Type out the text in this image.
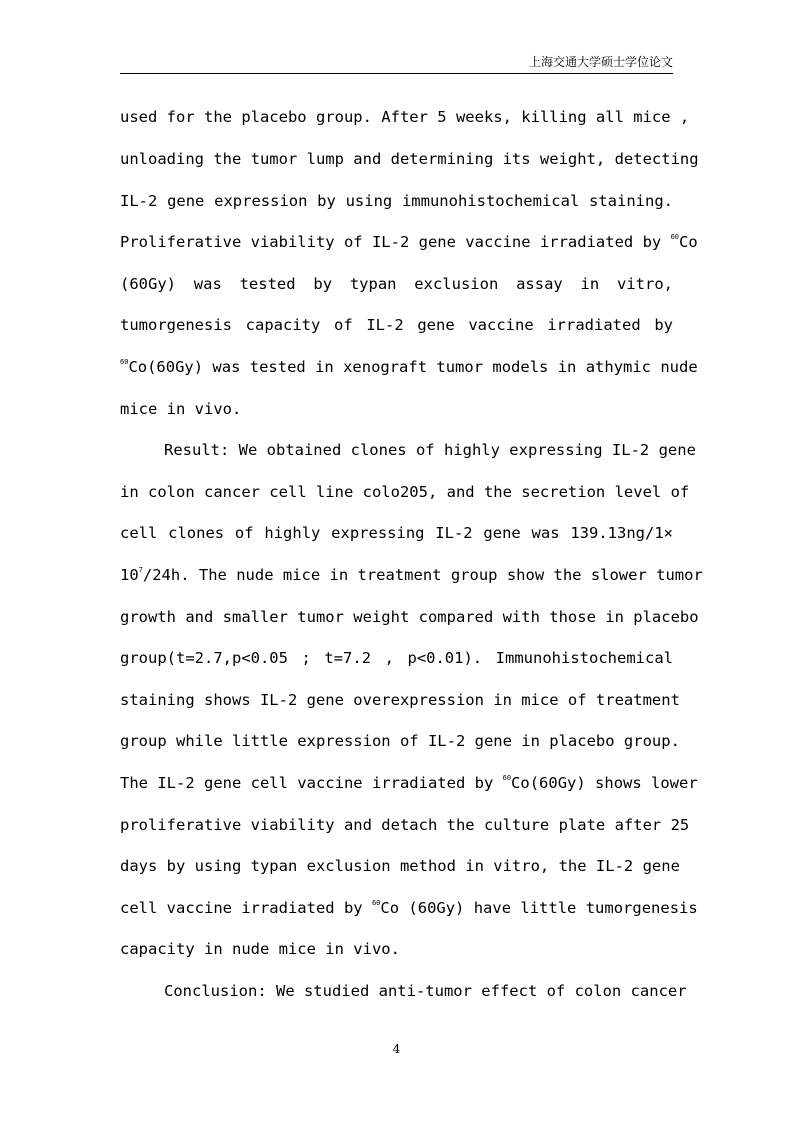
上海交通大学硕士学位论文
used for the placebo group. After 5 weeks, killing all mice ,
unloading the tumor lump and determining its weight, detecting
IL-2 gene expression by using immunohistochemical staining.
Proliferative viability of IL-2 gene vaccine irradiated by $^{60}$Co
(60Gy) was tested by typan exclusion assay in vitro,
tumorgenesis capacity of IL-2 gene vaccine irradiated by
$^{60}$Co(60Gy) was tested in xenograft tumor models in athymic nude
mice in vivo.
Result: We obtained clones of highly expressing IL-2 gene
in colon cancer cell line colo205, and the secretion level of
cell clones of highly expressing IL-2 gene was 139.13ng/1×
$10^7/24h$. The nude mice in treatment group show the slower tumor
growth and smaller tumor weight compared with those in placebo
group(t=2.7,p<0.05 ; t=7.2 , p<0.01). Immunohistochemical
staining shows IL-2 gene overexpression in mice of treatment
group while little expression of IL-2 gene in placebo group.
The IL-2 gene cell vaccine irradiated by $^{60}$Co(60Gy) shows lower
proliferative viability and detach the culture plate after 25
days by using typan exclusion method in vitro, the IL-2 gene
cell vaccine irradiated by $^{60}$Co (60Gy) have little tumorgenesis
capacity in nude mice in vivo.
Conclusion: We studied anti-tumor effect of colon cancer
4
